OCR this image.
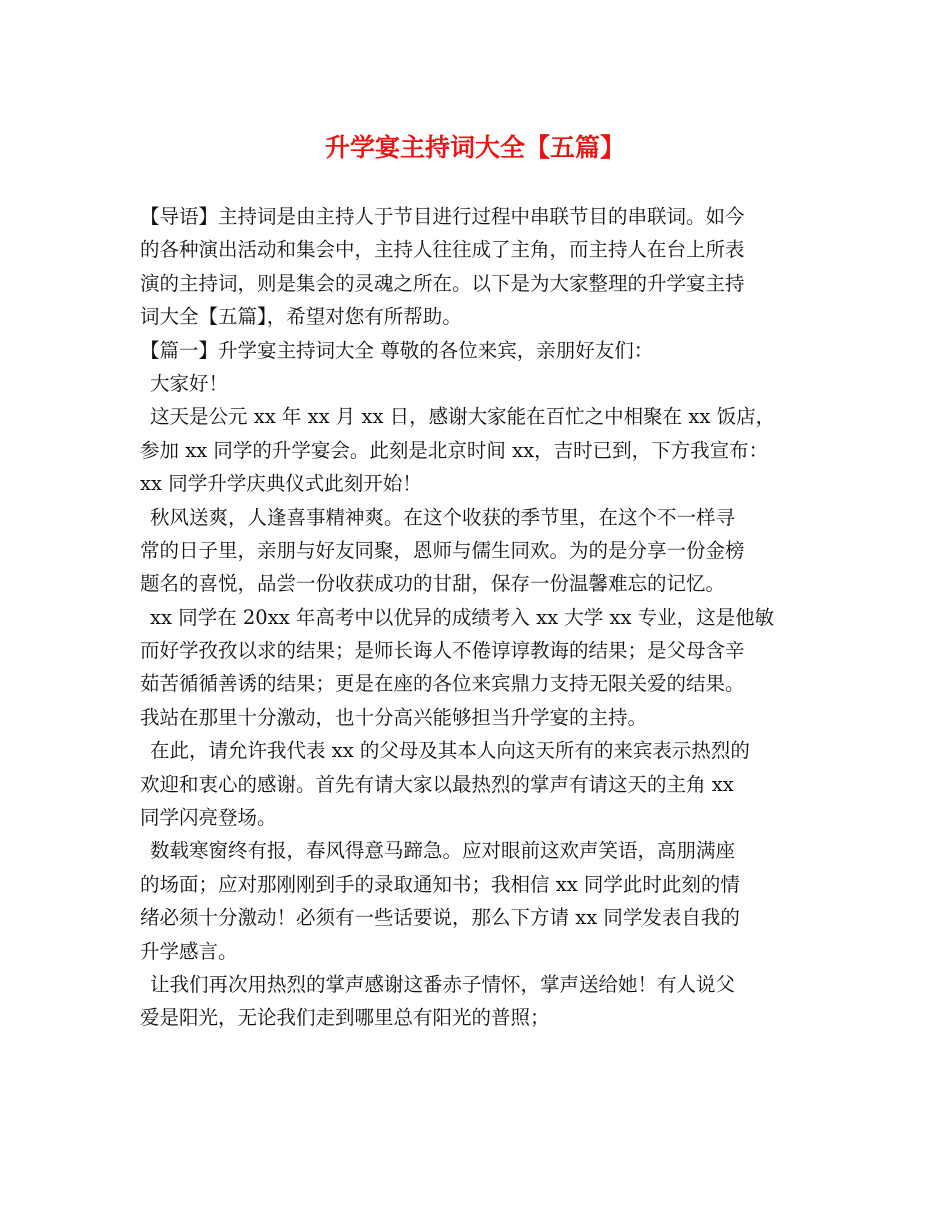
升学宴主持词大全【五篇】
【导语】主持词是由主持人于节目进行过程中串联节目的串联词。如今
的各种演出活动和集会中，主持人往往成了主角，而主持人在台上所表
演的主持词，则是集会的灵魂之所在。以下是为大家整理的升学宴主持
词大全【五篇】，希望对您有所帮助。
【篇一】升学宴主持词大全 尊敬的各位来宾，亲朋好友们：
大家好！
这天是公元 xx 年 xx 月 xx 日，感谢大家能在百忙之中相聚在 xx 饭店，
参加 xx 同学的升学宴会。此刻是北京时间 xx，吉时已到，下方我宣布：
xx 同学升学庆典仪式此刻开始！
秋风送爽，人逢喜事精神爽。在这个收获的季节里，在这个不一样寻
常的日子里，亲朋与好友同聚，恩师与儒生同欢。为的是分享一份金榜
题名的喜悦，品尝一份收获成功的甘甜，保存一份温馨难忘的记忆。
xx 同学在 20xx 年高考中以优异的成绩考入 xx 大学 xx 专业，这是他敏
而好学孜孜以求的结果；是师长诲人不倦谆谆教诲的结果；是父母含辛
茹苦循循善诱的结果；更是在座的各位来宾鼎力支持无限关爱的结果。
我站在那里十分激动，也十分高兴能够担当升学宴的主持。
在此，请允许我代表 xx 的父母及其本人向这天所有的来宾表示热烈的
欢迎和衷心的感谢。首先有请大家以最热烈的掌声有请这天的主角 xx
同学闪亮登场。
数载寒窗终有报，春风得意马蹄急。应对眼前这欢声笑语，高朋满座
的场面；应对那刚刚到手的录取通知书；我相信 xx 同学此时此刻的情
绪必须十分激动！必须有一些话要说，那么下方请 xx 同学发表自我的
升学感言。
让我们再次用热烈的掌声感谢这番赤子情怀，掌声送给她！有人说父
爱是阳光，无论我们走到哪里总有阳光的普照；
